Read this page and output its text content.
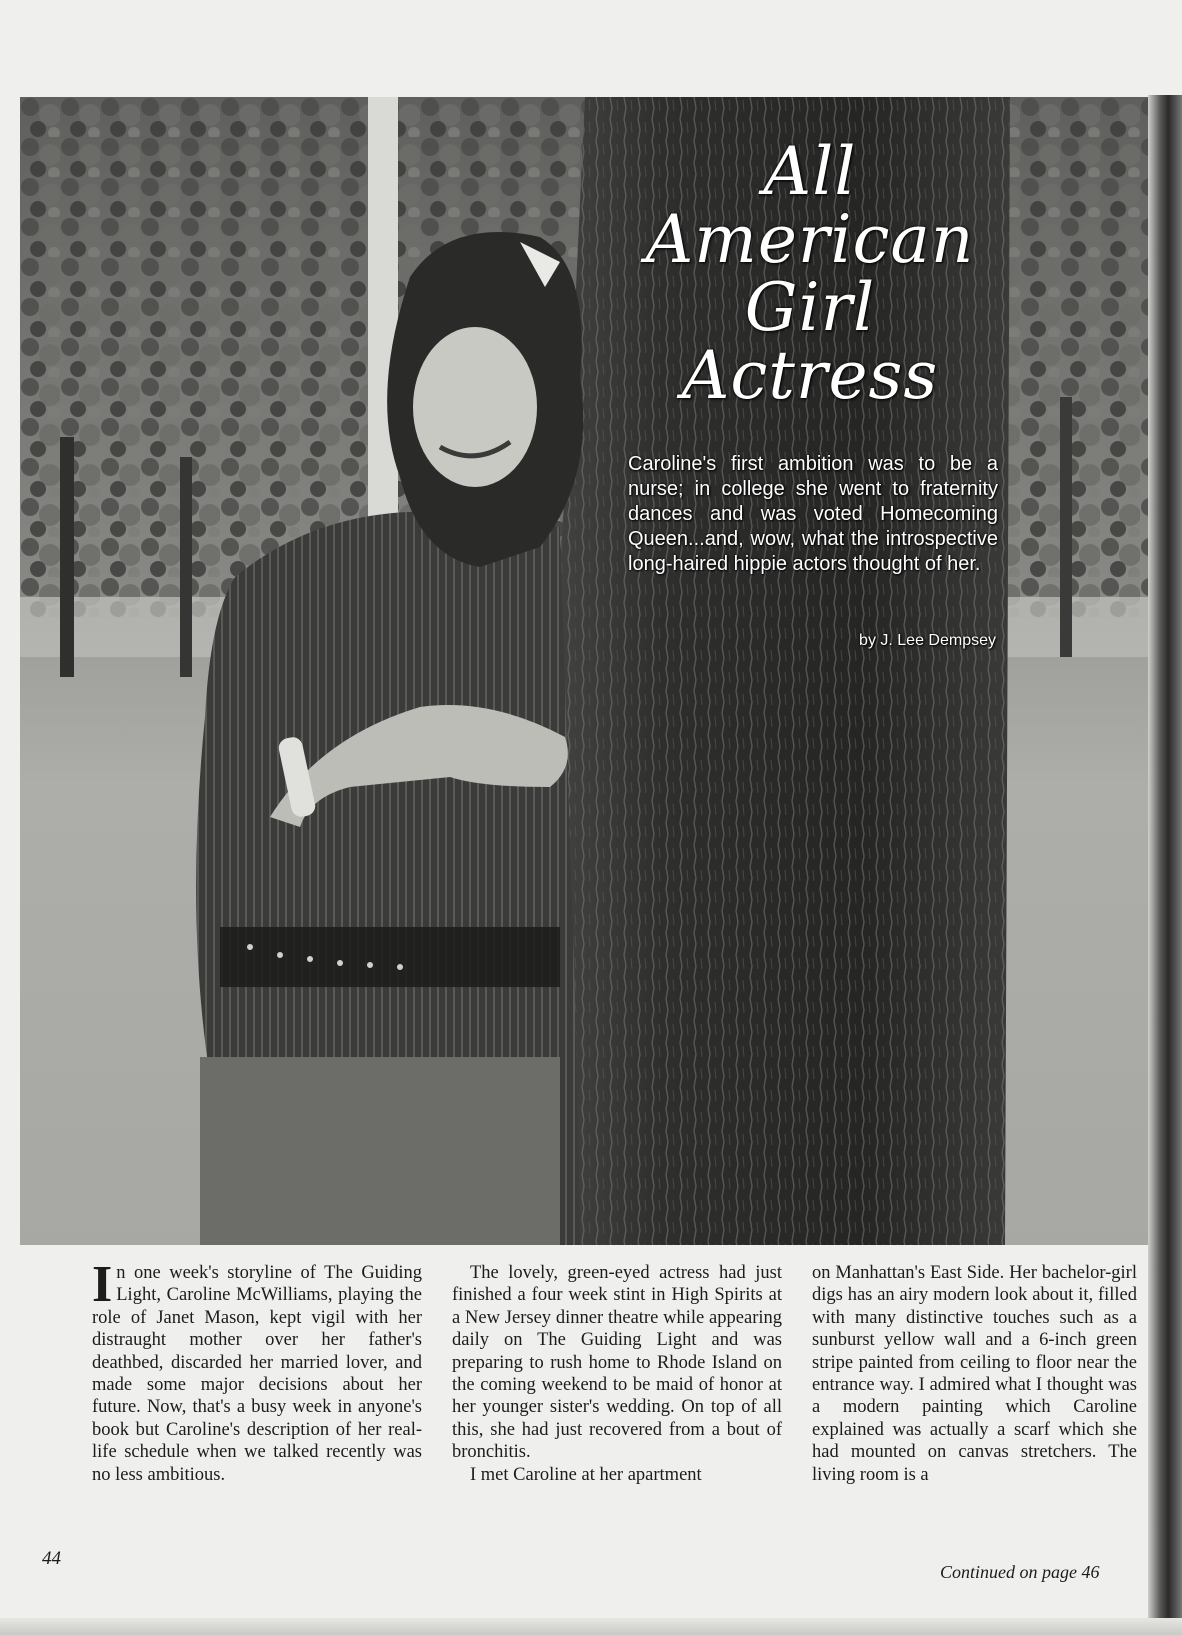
All
American
Girl
Actress
Caroline's first ambition was to be a nurse; in college she went to fraternity dances and was voted Homecoming Queen...and, wow, what the introspective long-haired hippie actors thought of her.
by J. Lee Dempsey

I n one week's storyline of The Guiding Light, Caroline McWilliams, playing the role of Janet Mason, kept vigil with her distraught mother over her father's deathbed, discarded her married lover, and made some major decisions about her future. Now, that's a busy week in anyone's book but Caroline's description of her real-life schedule when we talked recently was no less ambitious.

The lovely, green-eyed actress had just finished a four week stint in High Spirits at a New Jersey dinner theatre while appearing daily on The Guiding Light and was preparing to rush home to Rhode Island on the coming weekend to be maid of honor at her younger sister's wedding. On top of all this, she had just recovered from a bout of bronchitis.

I met Caroline at her apartment

on Manhattan's East Side. Her bachelor-girl digs has an airy modern look about it, filled with many distinctive touches such as a sunburst yellow wall and a 6-inch green stripe painted from ceiling to floor near the entrance way. I admired what I thought was a modern painting which Caroline explained was actually a scarf which she had mounted on canvas stretchers. The living room is a

44
Continued on page 46
